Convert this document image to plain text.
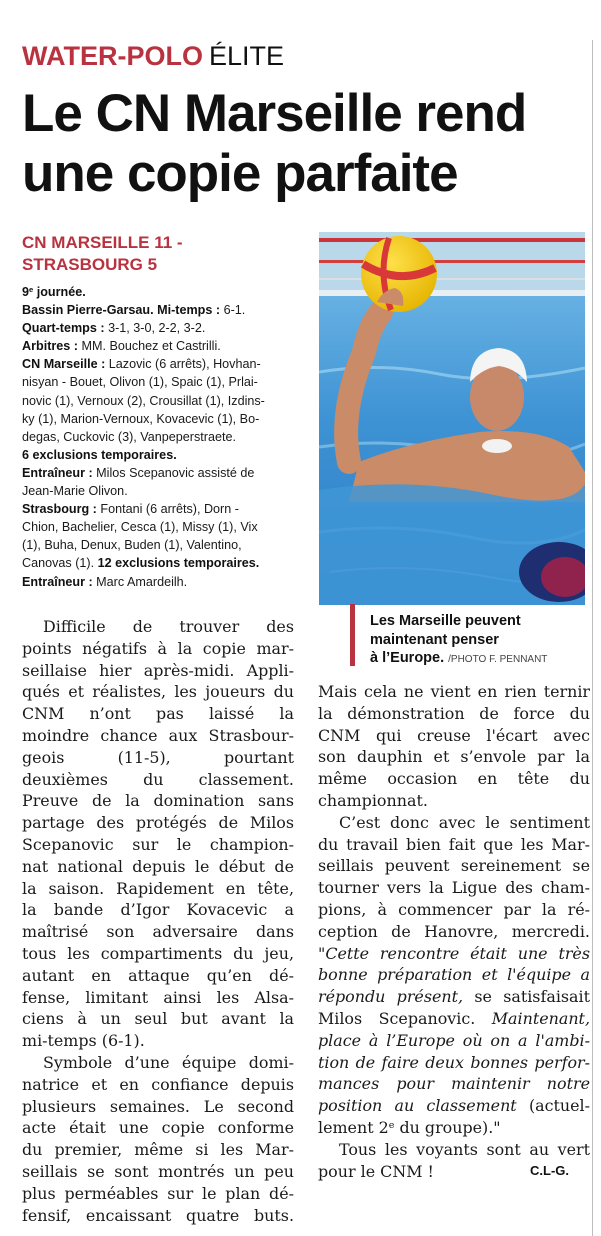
WATER-POLO ÉLITE
Le CN Marseille rend
une copie parfaite
CN MARSEILLE 11 -
STRASBOURG 5
9e journée.
Bassin Pierre-Garsau. Mi-temps : 6-1.
Quart-temps : 3-1, 3-0, 2-2, 3-2.
Arbitres : MM. Bouchez et Castrilli.
CN Marseille : Lazovic (6 arrêts), Hovhan-
nisyan - Bouet, Olivon (1), Spaic (1), Prlai-
novic (1), Vernoux (2), Crousillat (1), Izdins-
ky (1), Marion-Vernoux, Kovacevic (1), Bo-
degas, Cuckovic (3), Vanpeperstraete.
6 exclusions temporaires.
Entraîneur : Milos Scepanovic assisté de
Jean-Marie Olivon.
Strasbourg : Fontani (6 arrêts), Dorn -
Chion, Bachelier, Cesca (1), Missy (1), Vix
(1), Buha, Denux, Buden (1), Valentino,
Canovas (1). 12 exclusions temporaires.
Entraîneur : Marc Amardeilh.
Les Marseille peuvent
maintenant penser
à l’Europe. /PHOTO F. PENNANT
Difficile de trouver des
points négatifs à la copie mar-
seillaise hier après-midi. Appli-
qués et réalistes, les joueurs du
CNM n’ont pas laissé la
moindre chance aux Strasbour-
geois (11-5), pourtant
deuxièmes du classement.
Preuve de la domination sans
partage des protégés de Milos
Scepanovic sur le champion-
nat national depuis le début de
la saison. Rapidement en tête,
la bande d’Igor Kovacevic a
maîtrisé son adversaire dans
tous les compartiments du jeu,
autant en attaque qu’en dé-
fense, limitant ainsi les Alsa-
ciens à un seul but avant la
mi-temps (6-1).
Symbole d’une équipe domi-
natrice et en confiance depuis
plusieurs semaines. Le second
acte était une copie conforme
du premier, même si les Mar-
seillais se sont montrés un peu
plus perméables sur le plan dé-
fensif, encaissant quatre buts.
Mais cela ne vient en rien ternir
la démonstration de force du
CNM qui creuse l'écart avec
son dauphin et s’envole par la
même occasion en tête du
championnat.
C’est donc avec le sentiment
du travail bien fait que les Mar-
seillais peuvent sereinement se
tourner vers la Ligue des cham-
pions, à commencer par la ré-
ception de Hanovre, mercredi.
"Cette rencontre était une très
bonne préparation et l'équipe a
répondu présent, se satisfaisait
Milos Scepanovic. Maintenant,
place à l’Europe où on a l'ambi-
tion de faire deux bonnes perfor-
mances pour maintenir notre
position au classement (actuel-
lement 2e du groupe)."
Tous les voyants sont au vert
pour le CNM !	C.L-G.
